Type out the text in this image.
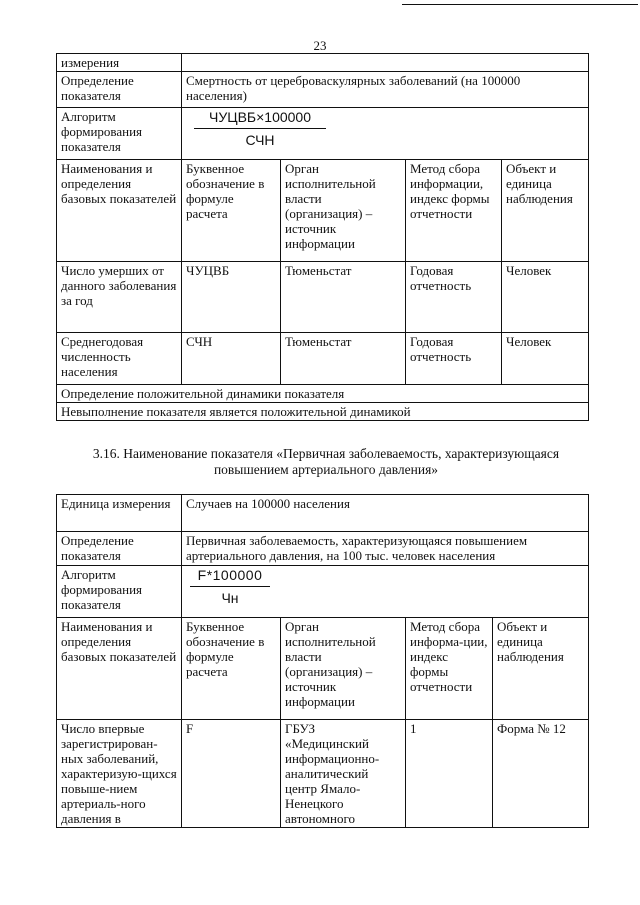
23
измерения				
Определение показателя	Смертность от цереброваскулярных заболеваний (на 100000 населения)			
Алгоритм формирования показателя	$\frac{\text{ЧУЦВБ×100000}}{\text{СЧН}}$

Наименования и определения базовых показателей	Буквенное обозначение в формуле расчета	Орган исполнительной власти (организация) – источник информации	Метод сбора информации, индекс формы отчетности	Объект и единица наблюдения
Число умерших от данного заболевания за год	ЧУЦВБ	Тюменьстат	Годовая отчетность	Человек
Среднегодовая численность населения	СЧН	Тюменьстат	Годовая отчетность	Человек
Определение положительной динамики показателя				
Невыполнение показателя является положительной динамикой				
3.16. Наименование показателя «Первичная заболеваемость, характеризующаяся повышением артериального давления»
Единица измерения	Случаев на 100000 населения			
Определение показателя	Первичная заболеваемость, характеризующаяся повышением артериального давления, на 100 тыс. человек населения			
Алгоритм формирования показателя	$\frac{F*100000}{Чн}$

Наименования и определения базовых показателей	Буквенное обозначение в формуле расчета	Орган исполнительной власти (организация) – источник информации	Метод сбора информа-ции, индекс формы отчетности	Объект и единица наблюдения
Число впервые зарегистрирован-ных заболеваний, характеризую-щихся повыше-нием артериаль-ного давления в	F	ГБУЗ «Медицинский информационно-аналитический центр Ямало-Ненецкого автономного	1	Форма № 12
